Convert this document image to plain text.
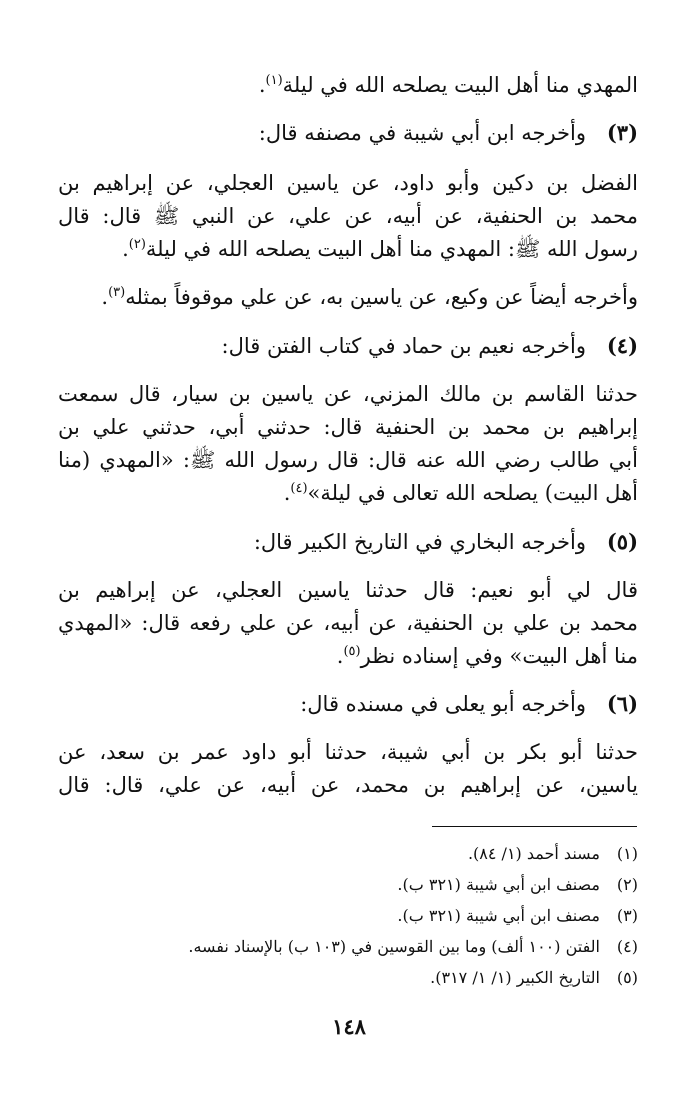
المهدي منا أهل البيت يصلحه الله في ليلة$^{(١)}$.
(٣)
وأخرجه ابن أبي شيبة في مصنفه قال:
الفضل بن دكين وأبو داود، عن ياسين العجلي، عن إبراهيم بن
محمد بن الحنفية، عن أبيه، عن علي، عن النبي ﷺ قال: قال
رسول الله ﷺ: المهدي منا أهل البيت يصلحه الله في ليلة$^{(٢)}$.
وأخرجه أيضاً عن وكيع، عن ياسين به، عن علي موقوفاً بمثله$^{(٣)}$.
(٤)
وأخرجه نعيم بن حماد في كتاب الفتن قال:
حدثنا القاسم بن مالك المزني، عن ياسين بن سيار، قال سمعت
إبراهيم بن محمد بن الحنفية قال: حدثني أبي، حدثني علي بن
أبي طالب رضي الله عنه قال: قال رسول الله ﷺ: «المهدي (منا
أهل البيت) يصلحه الله تعالى في ليلة»$^{(٤)}$.
(٥)
وأخرجه البخاري في التاريخ الكبير قال:
قال لي أبو نعيم: قال حدثنا ياسين العجلي، عن إبراهيم بن
محمد بن علي بن الحنفية، عن أبيه، عن علي رفعه قال: «المهدي
منا أهل البيت» وفي إسناده نظر$^{(٥)}$.
(٦)
وأخرجه أبو يعلى في مسنده قال:
حدثنا أبو بكر بن أبي شيبة، حدثنا أبو داود عمر بن سعد، عن
ياسين، عن إبراهيم بن محمد، عن أبيه، عن علي، قال: قال
(١)
مسند أحمد (١/ ٨٤).
(٢)
مصنف ابن أبي شيبة (٣٢١ ب).
(٣)
مصنف ابن أبي شيبة (٣٢١ ب).
(٤)
الفتن (١٠٠ ألف) وما بين القوسين في (١٠٣ ب) بالإسناد نفسه.
(٥)
التاريخ الكبير (١/ ١/ ٣١٧).
١٤٨
